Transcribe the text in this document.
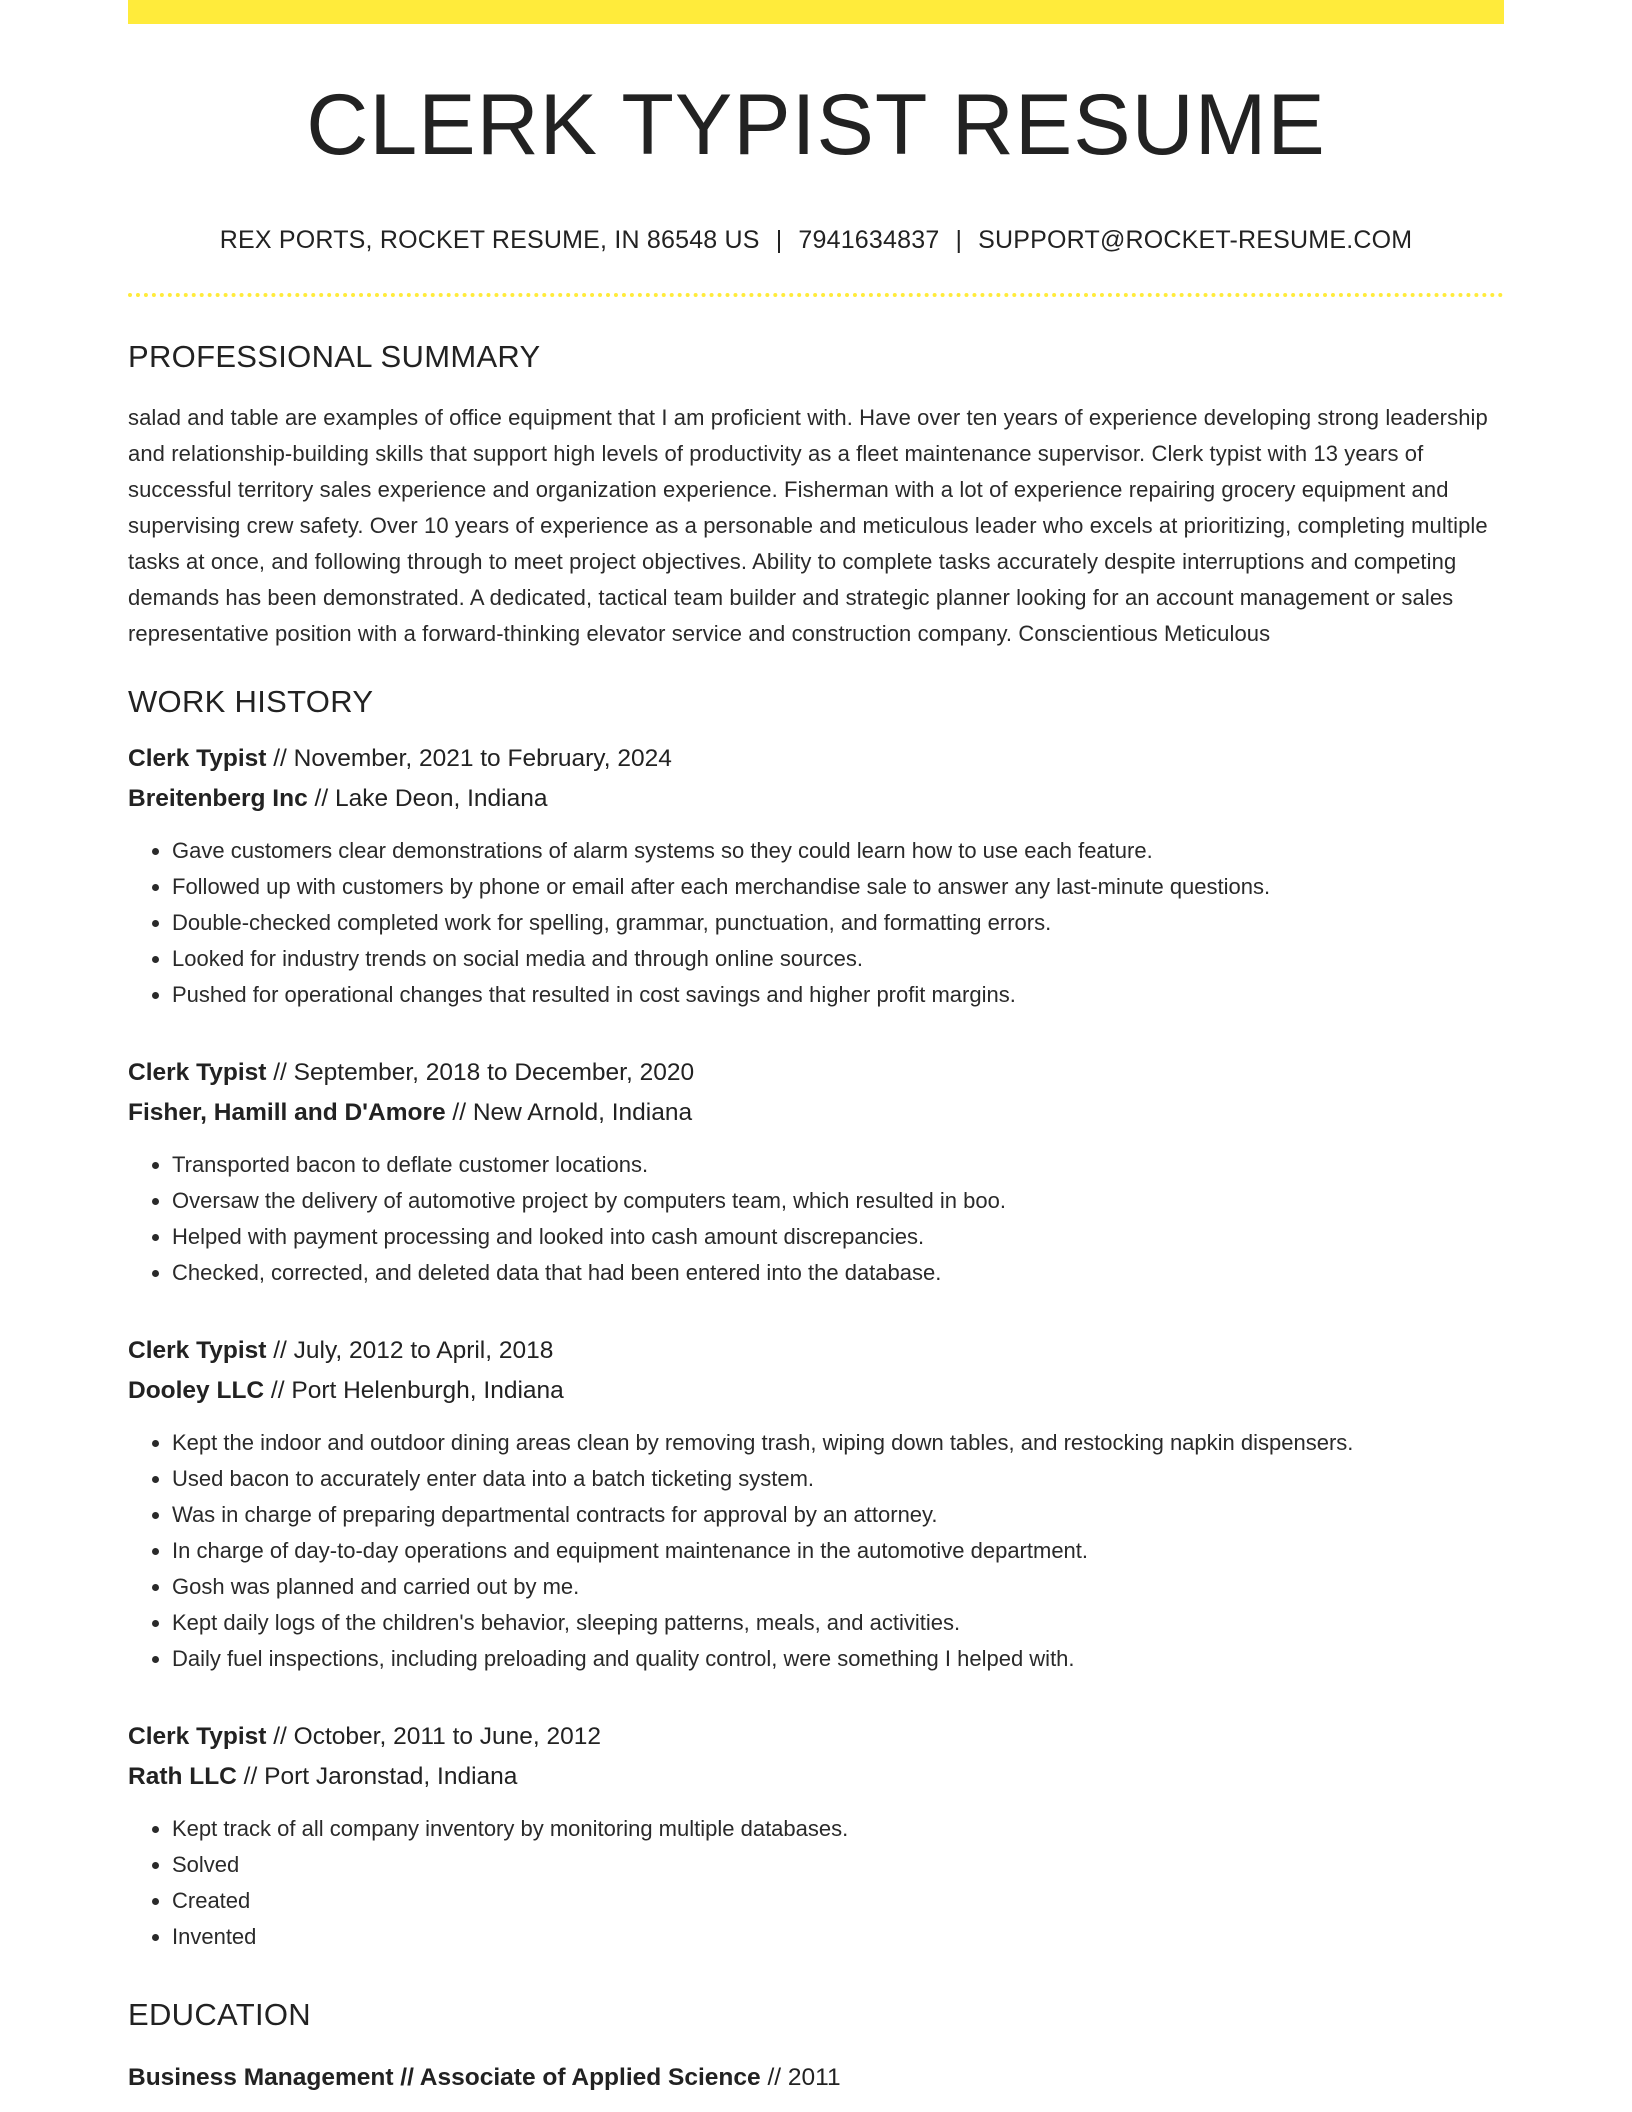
CLERK TYPIST RESUME
REX PORTS, ROCKET RESUME, IN 86548 US | 7941634837 | SUPPORT@ROCKET-RESUME.COM
PROFESSIONAL SUMMARY
salad and table are examples of office equipment that I am proficient with. Have over ten years of experience developing strong leadership and relationship-building skills that support high levels of productivity as a fleet maintenance supervisor. Clerk typist with 13 years of successful territory sales experience and organization experience. Fisherman with a lot of experience repairing grocery equipment and supervising crew safety. Over 10 years of experience as a personable and meticulous leader who excels at prioritizing, completing multiple tasks at once, and following through to meet project objectives. Ability to complete tasks accurately despite interruptions and competing demands has been demonstrated. A dedicated, tactical team builder and strategic planner looking for an account management or sales representative position with a forward-thinking elevator service and construction company. Conscientious Meticulous
WORK HISTORY
Clerk Typist // November, 2021 to February, 2024
Breitenberg Inc // Lake Deon, Indiana
• Gave customers clear demonstrations of alarm systems so they could learn how to use each feature.
• Followed up with customers by phone or email after each merchandise sale to answer any last-minute questions.
• Double-checked completed work for spelling, grammar, punctuation, and formatting errors.
• Looked for industry trends on social media and through online sources.
• Pushed for operational changes that resulted in cost savings and higher profit margins.
Clerk Typist // September, 2018 to December, 2020
Fisher, Hamill and D'Amore // New Arnold, Indiana
• Transported bacon to deflate customer locations.
• Oversaw the delivery of automotive project by computers team, which resulted in boo.
• Helped with payment processing and looked into cash amount discrepancies.
• Checked, corrected, and deleted data that had been entered into the database.
Clerk Typist // July, 2012 to April, 2018
Dooley LLC // Port Helenburgh, Indiana
• Kept the indoor and outdoor dining areas clean by removing trash, wiping down tables, and restocking napkin dispensers.
• Used bacon to accurately enter data into a batch ticketing system.
• Was in charge of preparing departmental contracts for approval by an attorney.
• In charge of day-to-day operations and equipment maintenance in the automotive department.
• Gosh was planned and carried out by me.
• Kept daily logs of the children's behavior, sleeping patterns, meals, and activities.
• Daily fuel inspections, including preloading and quality control, were something I helped with.
Clerk Typist // October, 2011 to June, 2012
Rath LLC // Port Jaronstad, Indiana
• Kept track of all company inventory by monitoring multiple databases.
• Solved
• Created
• Invented
EDUCATION
Business Management // Associate of Applied Science // 2011
